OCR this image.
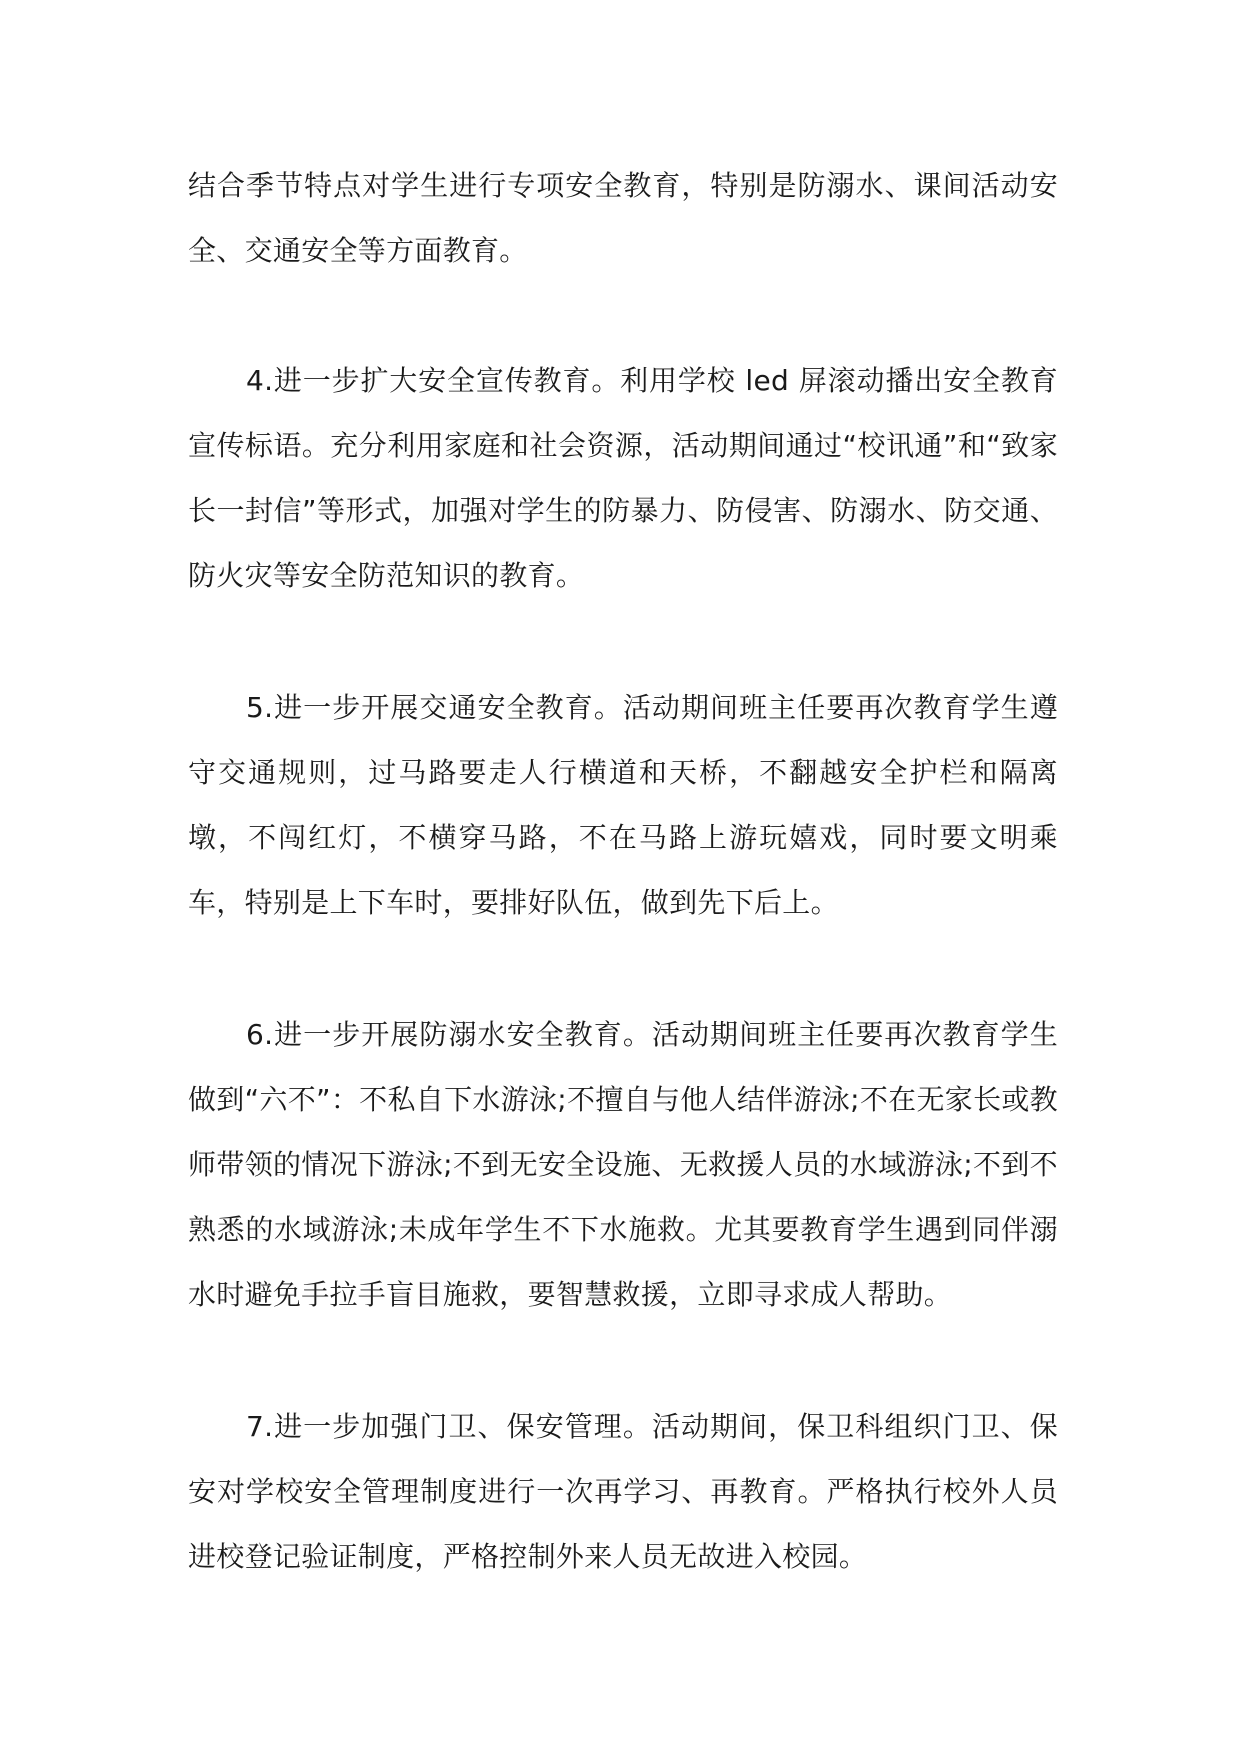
结合季节特点对学生进行专项安全教育，特别是防溺水、课间活动安全、交通安全等方面教育。

4.进一步扩大安全宣传教育。利用学校 led 屏滚动播出安全教育宣传标语。充分利用家庭和社会资源，活动期间通过“校讯通”和“致家长一封信”等形式，加强对学生的防暴力、防侵害、防溺水、防交通、防火灾等安全防范知识的教育。

5.进一步开展交通安全教育。活动期间班主任要再次教育学生遵守交通规则，过马路要走人行横道和天桥，不翻越安全护栏和隔离墩，不闯红灯，不横穿马路，不在马路上游玩嬉戏，同时要文明乘车，特别是上下车时，要排好队伍，做到先下后上。

6.进一步开展防溺水安全教育。活动期间班主任要再次教育学生做到“六不”：不私自下水游泳;不擅自与他人结伴游泳;不在无家长或教师带领的情况下游泳;不到无安全设施、无救援人员的水域游泳;不到不熟悉的水域游泳;未成年学生不下水施救。尤其要教育学生遇到同伴溺水时避免手拉手盲目施救，要智慧救援，立即寻求成人帮助。

7.进一步加强门卫、保安管理。活动期间，保卫科组织门卫、保安对学校安全管理制度进行一次再学习、再教育。严格执行校外人员进校登记验证制度，严格控制外来人员无故进入校园。
